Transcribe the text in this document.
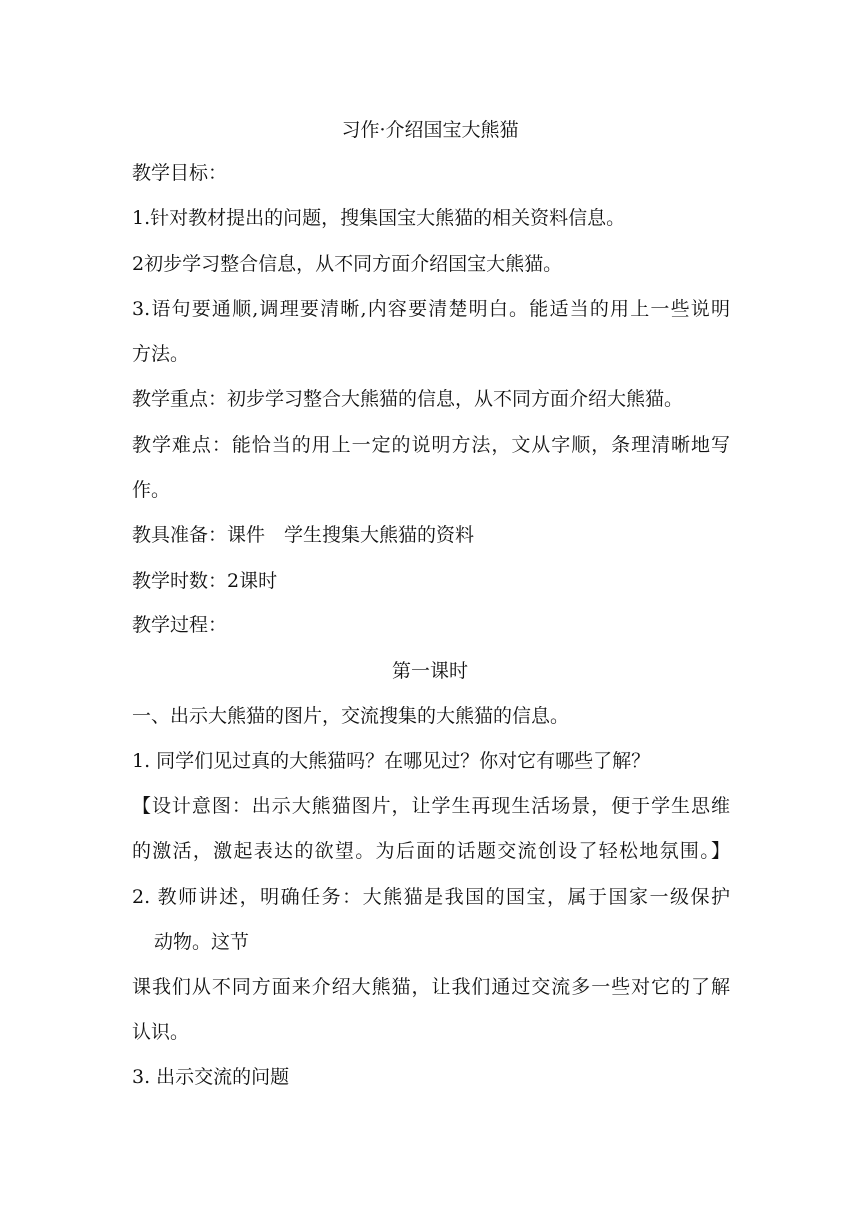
习作·介绍国宝大熊猫
教学目标：
1.针对教材提出的问题，搜集国宝大熊猫的相关资料信息。
2初步学习整合信息，从不同方面介绍国宝大熊猫。
3.语句要通顺,调理要清晰,内容要清楚明白。能适当的用上一些说明
方法。
教学重点：初步学习整合大熊猫的信息，从不同方面介绍大熊猫。
教学难点：能恰当的用上一定的说明方法，文从字顺，条理清晰地写
作。
教具准备：课件　学生搜集大熊猫的资料
教学时数：2课时
教学过程：
第一课时
一、出示大熊猫的图片，交流搜集的大熊猫的信息。
1. 同学们见过真的大熊猫吗？在哪见过？你对它有哪些了解？
【设计意图：出示大熊猫图片，让学生再现生活场景，便于学生思维
的激活，激起表达的欲望。为后面的话题交流创设了轻松地氛围。】
2. 教师讲述，明确任务：大熊猫是我国的国宝，属于国家一级保护
动物。这节
课我们从不同方面来介绍大熊猫，让我们通过交流多一些对它的了解
认识。
3. 出示交流的问题
